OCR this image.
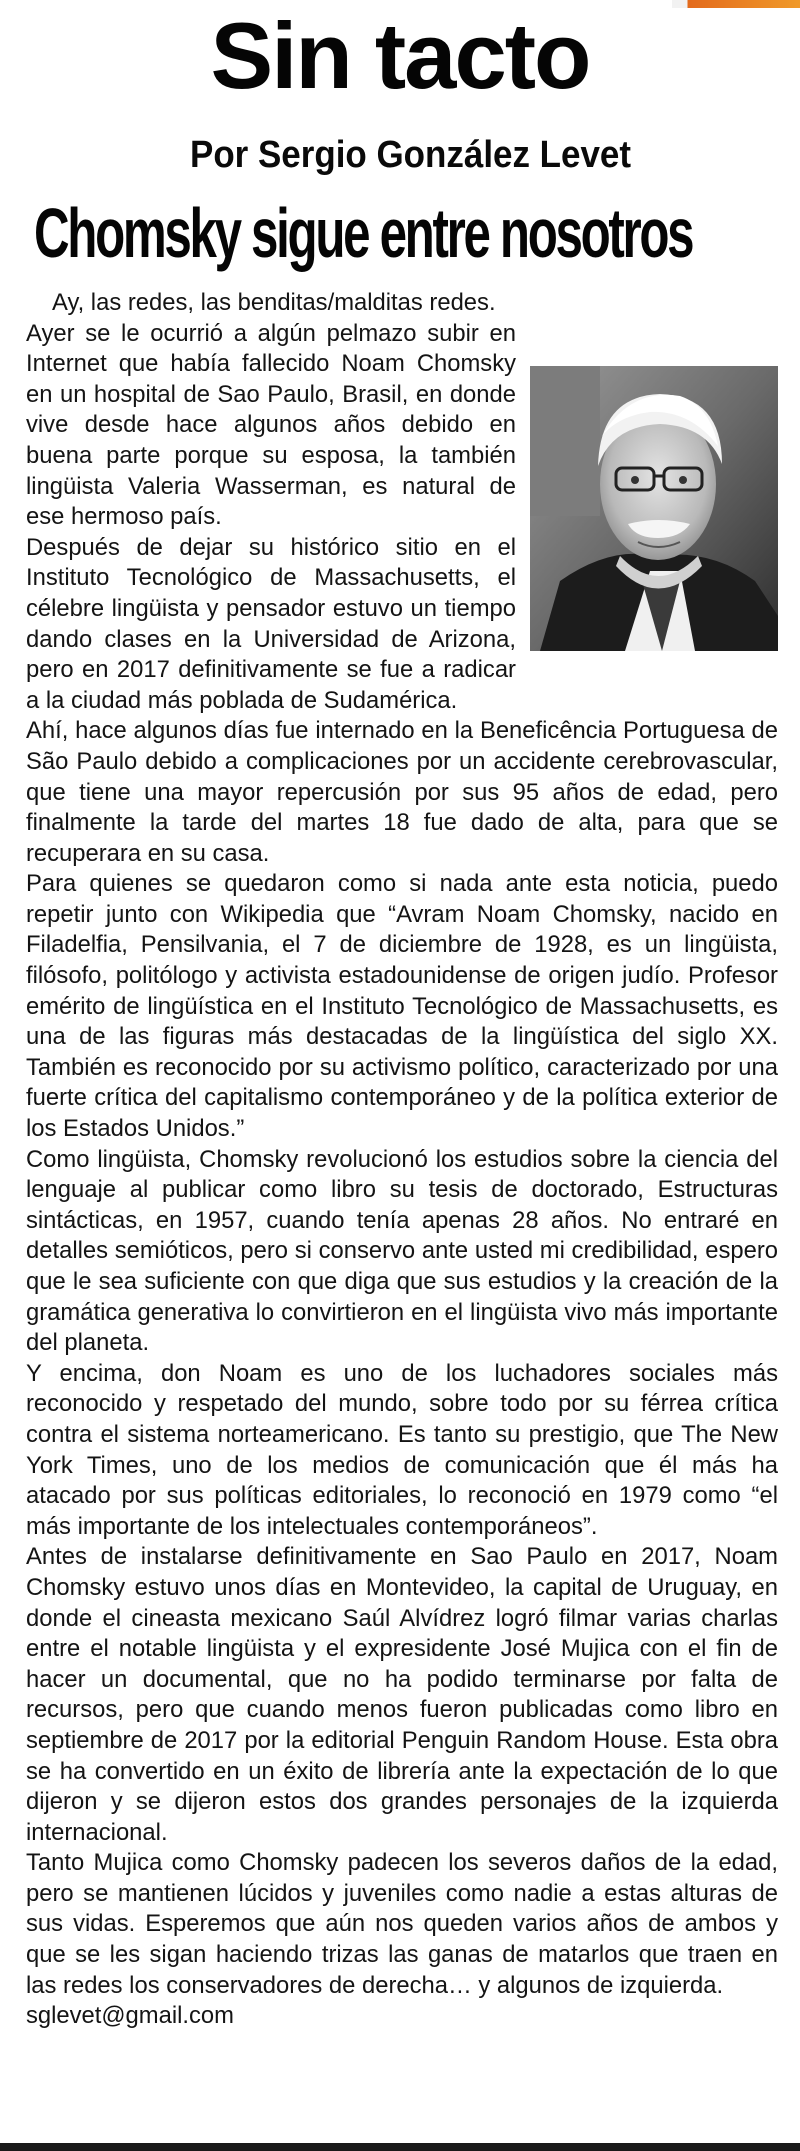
Sin tacto
Por Sergio González Levet
Chomsky sigue entre nosotros

Ay, las redes, las benditas/malditas redes.

Ayer se le ocurrió a algún pelmazo subir en Internet que había fallecido Noam Chomsky en un hospital de Sao Paulo, Brasil, en donde vive desde hace algunos años debido en buena parte porque su esposa, la también lingüista Valeria Wasserman, es natural de ese hermoso país.

Después de dejar su histórico sitio en el Instituto Tecnológico de Massachusetts, el célebre lingüista y pensador estuvo un tiempo dando clases en la Universidad de Arizona, pero en 2017 definitivamente se fue a radicar a la ciudad más poblada de Sudamérica.

Ahí, hace algunos días fue internado en la Beneficência Portuguesa de São Paulo debido a complicaciones por un accidente cerebrovascular, que tiene una mayor repercusión por sus 95 años de edad, pero finalmente la tarde del martes 18 fue dado de alta, para que se recuperara en su casa.

Para quienes se quedaron como si nada ante esta noticia, puedo repetir junto con Wikipedia que “Avram Noam Chomsky, nacido en Filadelfia, Pensilvania, el 7 de diciembre de 1928, es un lingüista, filósofo, politólogo y activista estadounidense de origen judío. Profesor emérito de lingüística en el Instituto Tecnológico de Massachusetts, es una de las figuras más destacadas de la lingüística del siglo XX. También es reconocido por su activismo político, caracterizado por una fuerte crítica del capitalismo contemporáneo y de la política exterior de los Estados Unidos.”

Como lingüista, Chomsky revolucionó los estudios sobre la ciencia del lenguaje al publicar como libro su tesis de doctorado, Estructuras sintácticas, en 1957, cuando tenía apenas 28 años. No entraré en detalles semióticos, pero si conservo ante usted mi credibilidad, espero que le sea suficiente con que diga que sus estudios y la creación de la gramática generativa lo convirtieron en el lingüista vivo más importante del planeta.

Y encima, don Noam es uno de los luchadores sociales más reconocido y respetado del mundo, sobre todo por su férrea crítica contra el sistema norteamericano. Es tanto su prestigio, que The New York Times, uno de los medios de comunicación que él más ha atacado por sus políticas editoriales, lo reconoció en 1979 como “el más importante de los intelectuales contemporáneos”.

Antes de instalarse definitivamente en Sao Paulo en 2017, Noam Chomsky estuvo unos días en Montevideo, la capital de Uruguay, en donde el cineasta mexicano Saúl Alvídrez logró filmar varias charlas entre el notable lingüista y el expresidente José Mujica con el fin de hacer un documental, que no ha podido terminarse por falta de recursos, pero que cuando menos fueron publicadas como libro en septiembre de 2017 por la editorial Penguin Random House. Esta obra se ha convertido en un éxito de librería ante la expectación de lo que dijeron y se dijeron estos dos grandes personajes de la izquierda internacional.

Tanto Mujica como Chomsky padecen los severos daños de la edad, pero se mantienen lúcidos y juveniles como nadie a estas alturas de sus vidas. Esperemos que aún nos queden varios años de ambos y que se les sigan haciendo trizas las ganas de matarlos que traen en las redes los conservadores de derecha… y algunos de izquierda.

sglevet@gmail.com
